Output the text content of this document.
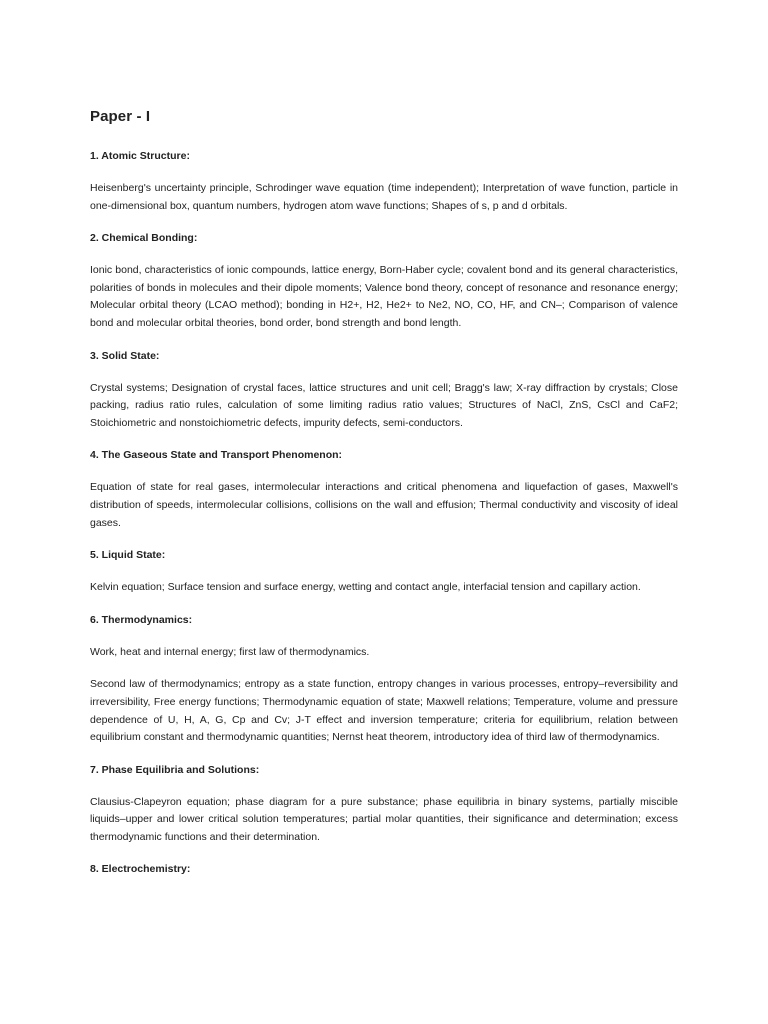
Paper - I
1. Atomic Structure:

Heisenberg's uncertainty principle, Schrodinger wave equation (time independent); Interpretation of wave function, particle in one-dimensional box, quantum numbers, hydrogen atom wave functions; Shapes of s, p and d orbitals.

2. Chemical Bonding:

Ionic bond, characteristics of ionic compounds, lattice energy, Born-Haber cycle; covalent bond and its general characteristics, polarities of bonds in molecules and their dipole moments; Valence bond theory, concept of resonance and resonance energy; Molecular orbital theory (LCAO method); bonding in H2+, H2, He2+ to Ne2, NO, CO, HF, and CN–; Comparison of valence bond and molecular orbital theories, bond order, bond strength and bond length.

3. Solid State:

Crystal systems; Designation of crystal faces, lattice structures and unit cell; Bragg's law; X-ray diffraction by crystals; Close packing, radius ratio rules, calculation of some limiting radius ratio values; Structures of NaCl, ZnS, CsCl and CaF2; Stoichiometric and nonstoichiometric defects, impurity defects, semi-conductors.

4. The Gaseous State and Transport Phenomenon:

Equation of state for real gases, intermolecular interactions and critical phenomena and liquefaction of gases, Maxwell's distribution of speeds, intermolecular collisions, collisions on the wall and effusion; Thermal conductivity and viscosity of ideal gases.

5. Liquid State:

Kelvin equation; Surface tension and surface energy, wetting and contact angle, interfacial tension and capillary action.

6. Thermodynamics:

Work, heat and internal energy; first law of thermodynamics.

Second law of thermodynamics; entropy as a state function, entropy changes in various processes, entropy–reversibility and irreversibility, Free energy functions; Thermodynamic equation of state; Maxwell relations; Temperature, volume and pressure dependence of U, H, A, G, Cp and Cv; J-T effect and inversion temperature; criteria for equilibrium, relation between equilibrium constant and thermodynamic quantities; Nernst heat theorem, introductory idea of third law of thermodynamics.

7. Phase Equilibria and Solutions:

Clausius-Clapeyron equation; phase diagram for a pure substance; phase equilibria in binary systems, partially miscible liquids–upper and lower critical solution temperatures; partial molar quantities, their significance and determination; excess thermodynamic functions and their determination.

8. Electrochemistry:
